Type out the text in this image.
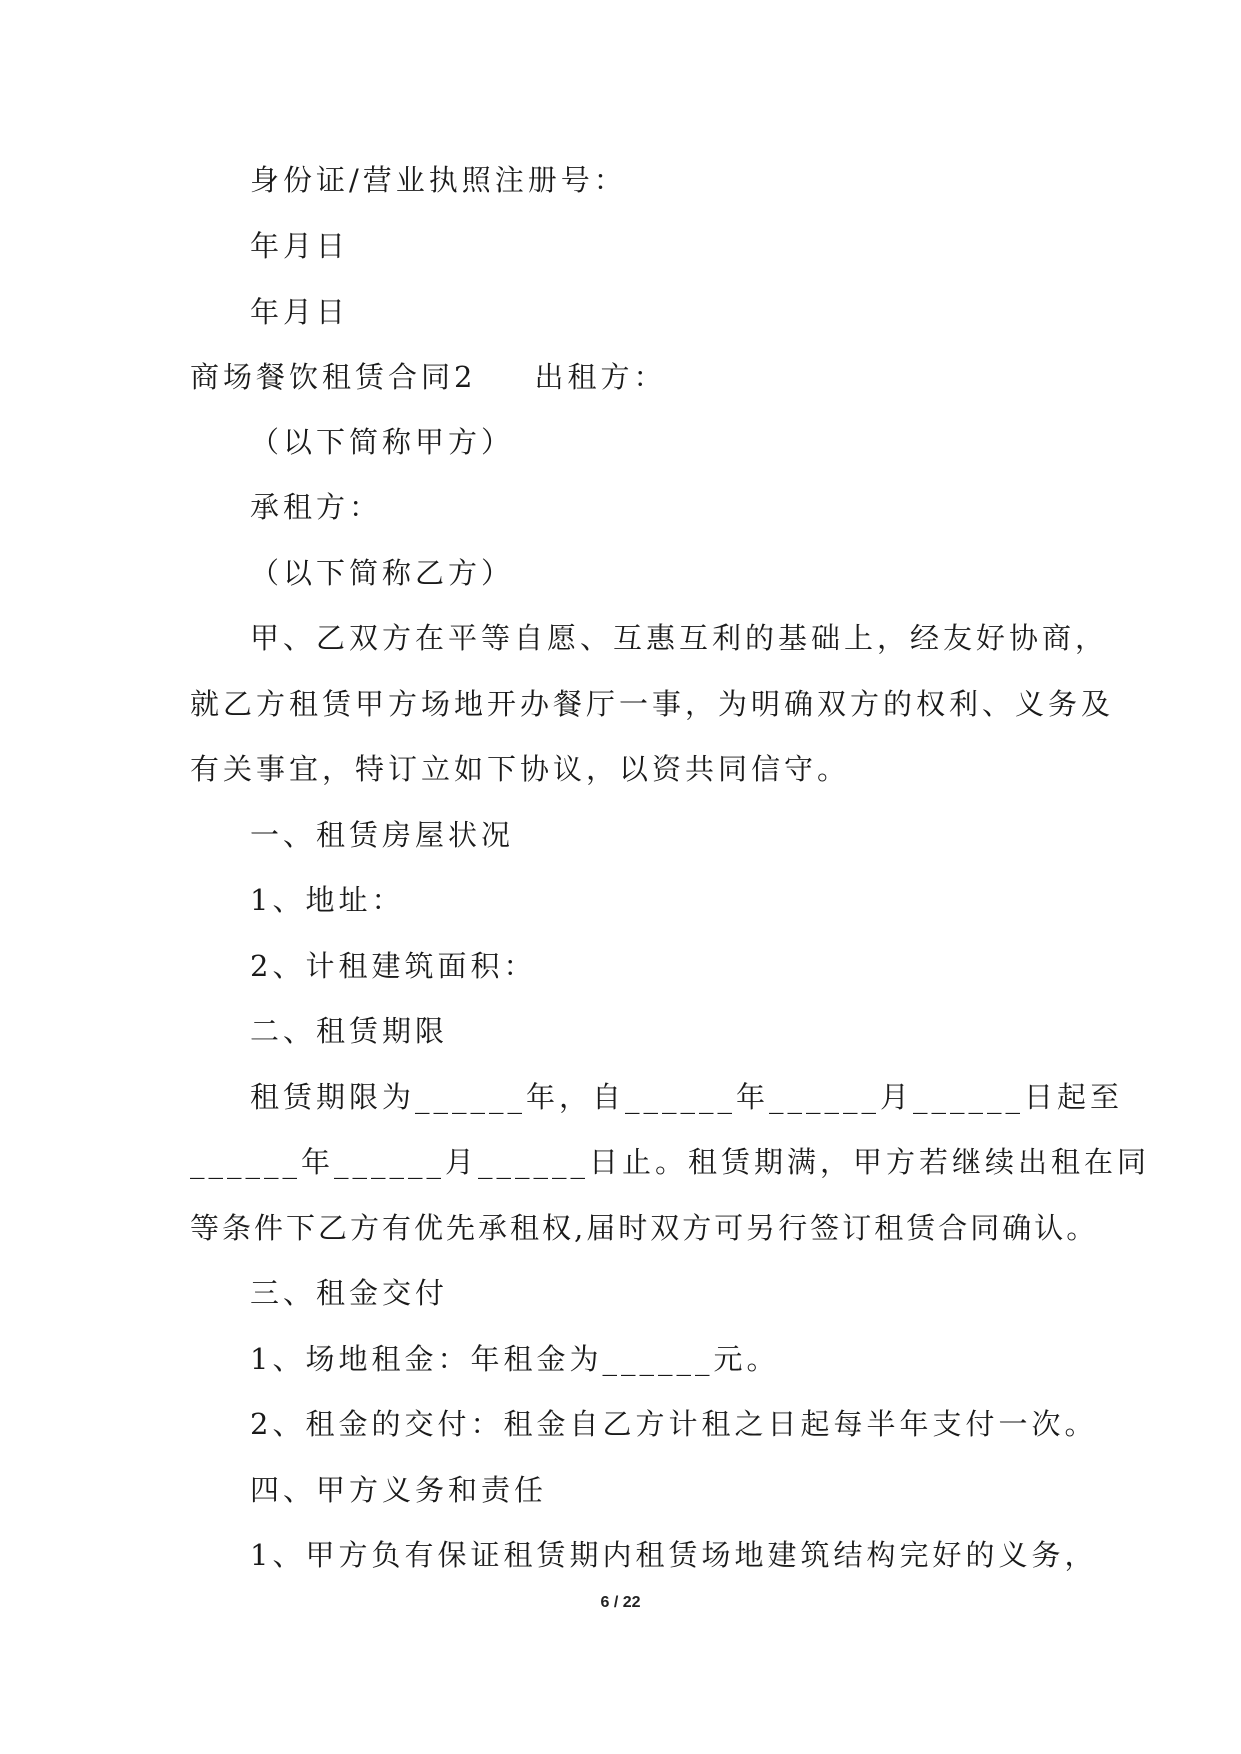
身份证/营业执照注册号：
年月日
年月日
商场餐饮租赁合同2 出租方：
（以下简称甲方）
承租方：
（以下简称乙方）
甲、乙双方在平等自愿、互惠互利的基础上，经友好协商，
就乙方租赁甲方场地开办餐厅一事，为明确双方的权利、义务及
有关事宜，特订立如下协议，以资共同信守。
一、租赁房屋状况
1、地址：
2、计租建筑面积：
二、租赁期限
租赁期限为______年，自______年______月______日起至
______年______月______日止。租赁期满，甲方若继续出租在同
等条件下乙方有优先承租权,届时双方可另行签订租赁合同确认。
三、租金交付
1、场地租金：年租金为______元。
2、租金的交付：租金自乙方计租之日起每半年支付一次。
四、甲方义务和责任
1、甲方负有保证租赁期内租赁场地建筑结构完好的义务，
6 / 22
